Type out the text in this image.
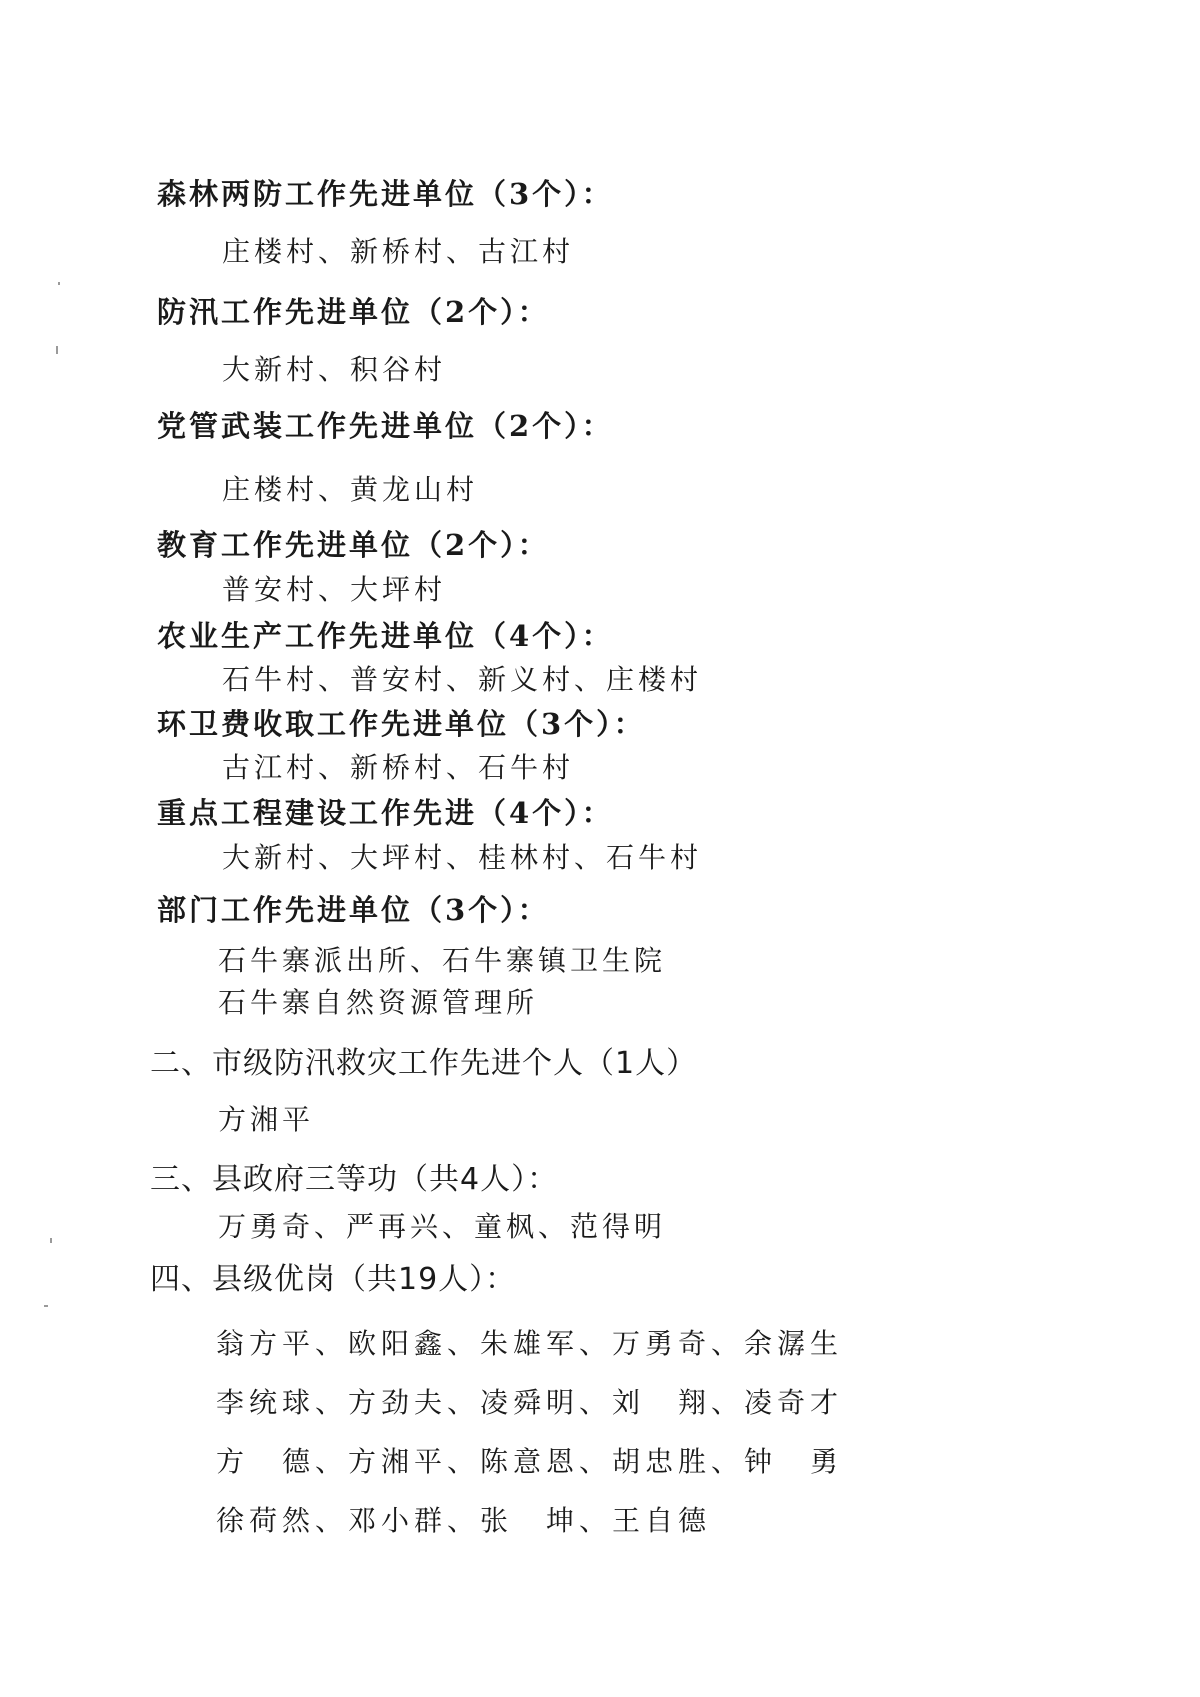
森林两防工作先进单位（3个）：
庄楼村、新桥村、古江村
防汛工作先进单位（2个）：
大新村、积谷村
党管武装工作先进单位（2个）：
庄楼村、黄龙山村
教育工作先进单位（2个）：
普安村、大坪村
农业生产工作先进单位（4个）：
石牛村、普安村、新义村、庄楼村
环卫费收取工作先进单位（3个）：
古江村、新桥村、石牛村
重点工程建设工作先进（4个）：
大新村、大坪村、桂林村、石牛村
部门工作先进单位（3个）：
石牛寨派出所、石牛寨镇卫生院
石牛寨自然资源管理所
二、市级防汛救灾工作先进个人（1人）
方湘平
三、县政府三等功（共4人）：
万勇奇、严再兴、童枫、范得明
四、县级优岗（共19人）：
翁方平、欧阳鑫、朱雄军、万勇奇、余潺生
李统球、方劲夫、凌舜明、刘　翔、凌奇才
方　德、方湘平、陈意恩、胡忠胜、钟　勇
徐荷然、邓小群、张　坤、王自德
